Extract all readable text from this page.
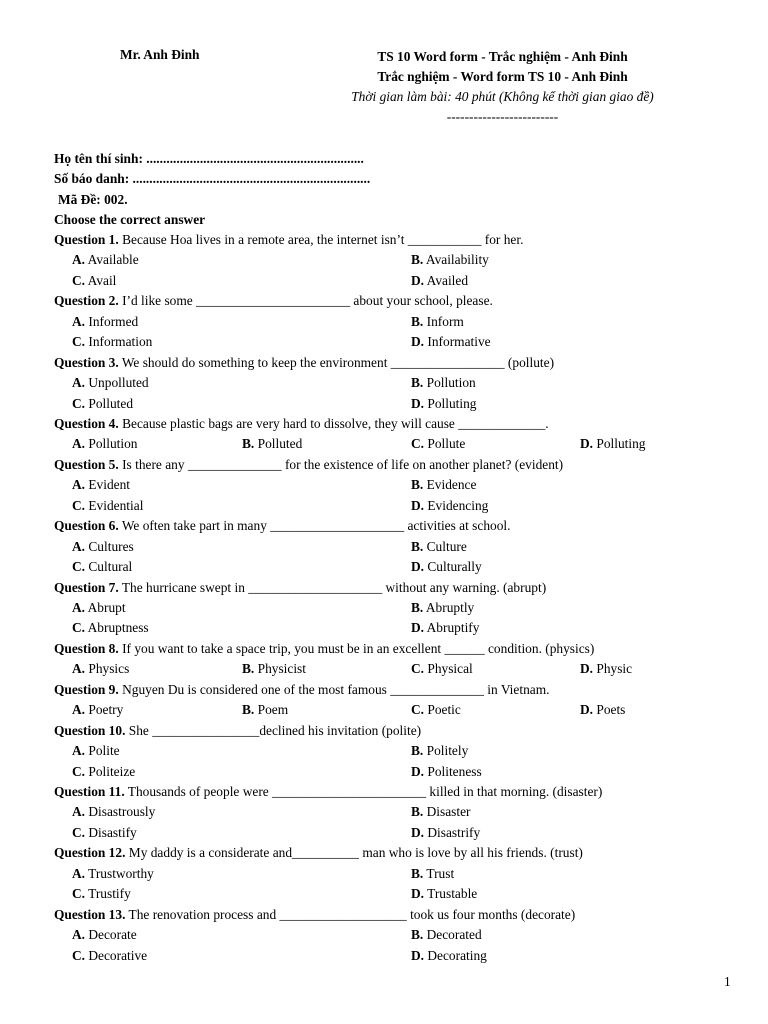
Mr. Anh Đinh	TS 10 Word form - Trắc nghiệm - Anh Đinh
Trắc nghiệm - Word form TS 10 - Anh Đinh
Thời gian làm bài: 40 phút (Không kể thời gian giao đề)
-------------------------
Họ tên thí sinh: .................................................................
Số báo danh: .......................................................................
Mã Đề: 002.
Choose the correct answer
Question 1. Because Hoa lives in a remote area, the internet isn’t ___________ for her.
A. Available	B. Availability
C. Avail	D. Availed
Question 2. I’d like some _______________________ about your school, please.
A. Informed	B. Inform
C. Information	D. Informative
Question 3. We should do something to keep the environment _________________ (pollute)
A. Unpolluted	B. Pollution
C. Polluted	D. Polluting
Question 4. Because plastic bags are very hard to dissolve, they will cause _____________.
A. Pollution	B. Polluted	C. Pollute	D. Polluting
Question 5. Is there any ______________ for the existence of life on another planet? (evident)
A. Evident	B. Evidence
C. Evidential	D. Evidencing
Question 6. We often take part in many ____________________ activities at school.
A. Cultures	B. Culture
C. Cultural	D. Culturally
Question 7. The hurricane swept in ____________________ without any warning. (abrupt)
A. Abrupt	B. Abruptly
C. Abruptness	D. Abruptify
Question 8. If you want to take a space trip, you must be in an excellent ______ condition. (physics)
A. Physics	B. Physicist	C. Physical	D. Physic
Question 9. Nguyen Du is considered one of the most famous ______________ in Vietnam.
A. Poetry	B. Poem	C. Poetic	D. Poets
Question 10. She ________________declined his invitation (polite)
A. Polite	B. Politely
C. Politeize	D. Politeness
Question 11. Thousands of people were _______________________ killed in that morning. (disaster)
A. Disastrously	B. Disaster
C. Disastify	D. Disastrify
Question 12. My daddy is a considerate and__________ man who is love by all his friends. (trust)
A. Trustworthy	B. Trust
C. Trustify	D. Trustable
Question 13. The renovation process and ___________________ took us four months (decorate)
A. Decorate	B. Decorated
C. Decorative	D. Decorating
1
